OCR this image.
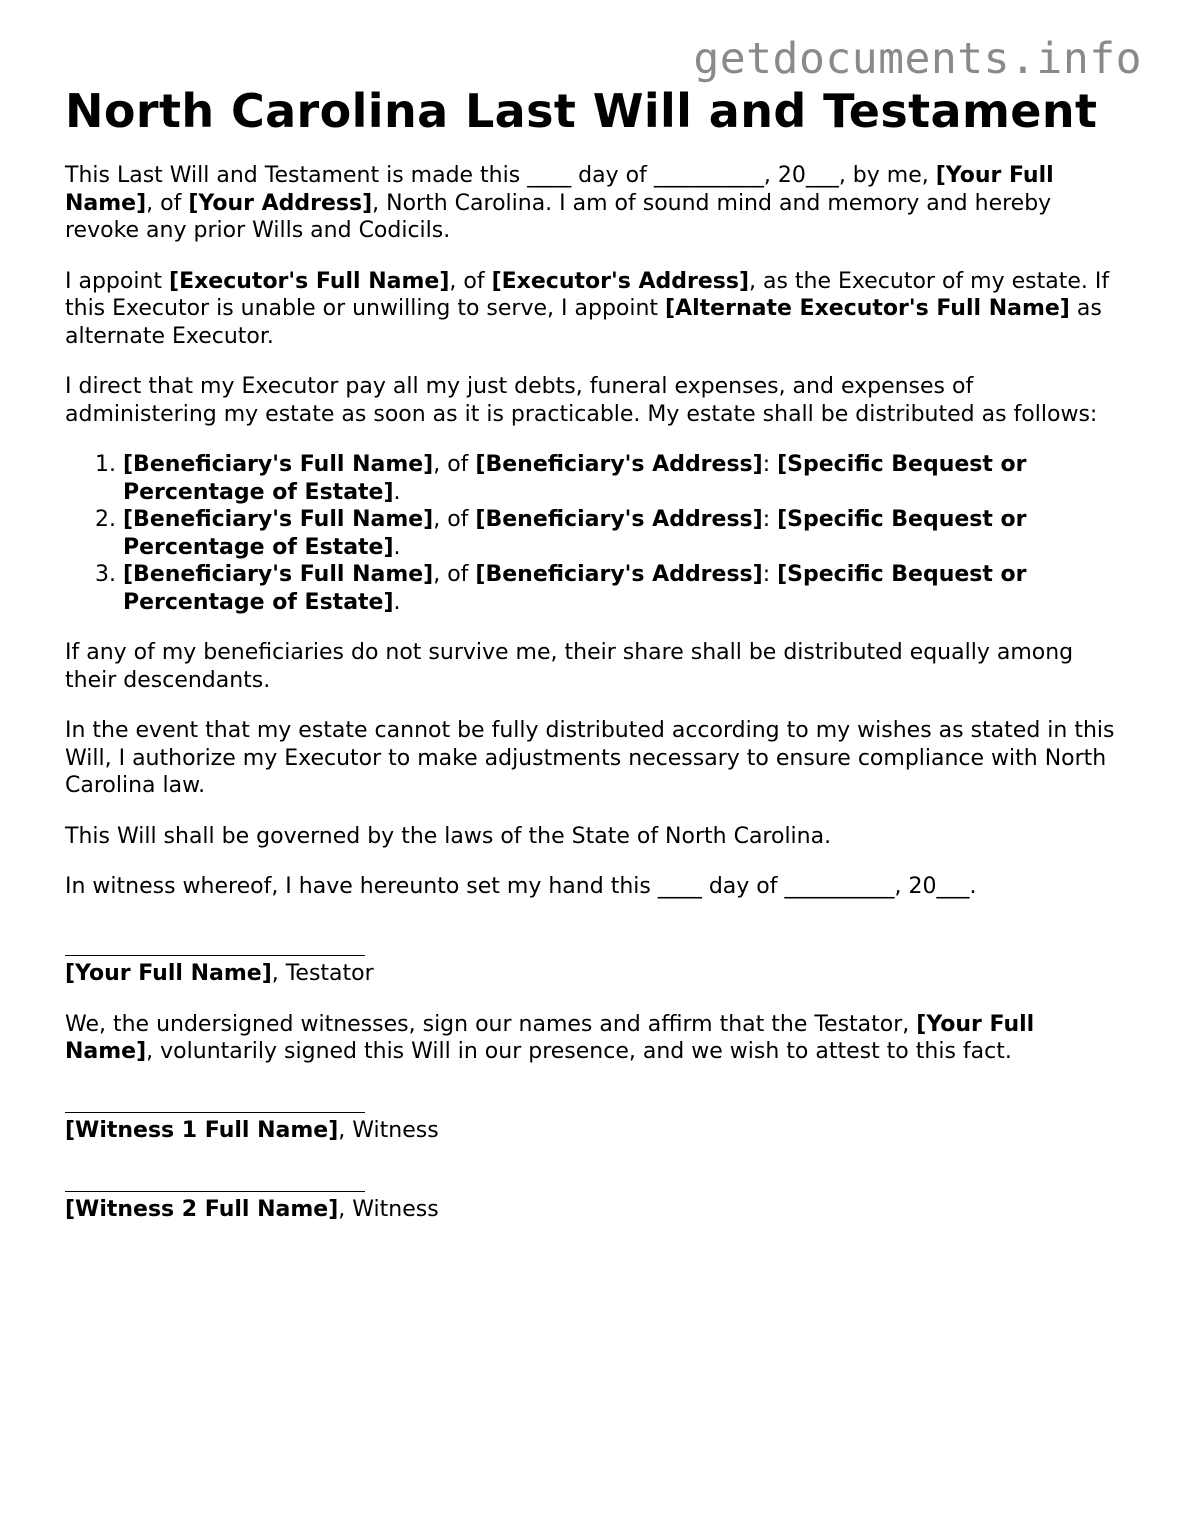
getdocuments.info
North Carolina Last Will and Testament

This Last Will and Testament is made this ____ day of __________, 20___, by me, [Your Full Name], of [Your Address], North Carolina. I am of sound mind and memory and hereby revoke any prior Wills and Codicils.

I appoint [Executor's Full Name], of [Executor's Address], as the Executor of my estate. If this Executor is unable or unwilling to serve, I appoint [Alternate Executor's Full Name] as alternate Executor.

I direct that my Executor pay all my just debts, funeral expenses, and expenses of administering my estate as soon as it is practicable. My estate shall be distributed as follows:

1. [Beneficiary's Full Name], of [Beneficiary's Address]: [Specific Bequest or Percentage of Estate].
2. [Beneficiary's Full Name], of [Beneficiary's Address]: [Specific Bequest or Percentage of Estate].
3. [Beneficiary's Full Name], of [Beneficiary's Address]: [Specific Bequest or Percentage of Estate].

If any of my beneficiaries do not survive me, their share shall be distributed equally among their descendants.

In the event that my estate cannot be fully distributed according to my wishes as stated in this Will, I authorize my Executor to make adjustments necessary to ensure compliance with North Carolina law.

This Will shall be governed by the laws of the State of North Carolina.

In witness whereof, I have hereunto set my hand this ____ day of __________, 20___.

[Your Full Name], Testator

We, the undersigned witnesses, sign our names and affirm that the Testator, [Your Full Name], voluntarily signed this Will in our presence, and we wish to attest to this fact.

[Witness 1 Full Name], Witness
[Witness 2 Full Name], Witness
